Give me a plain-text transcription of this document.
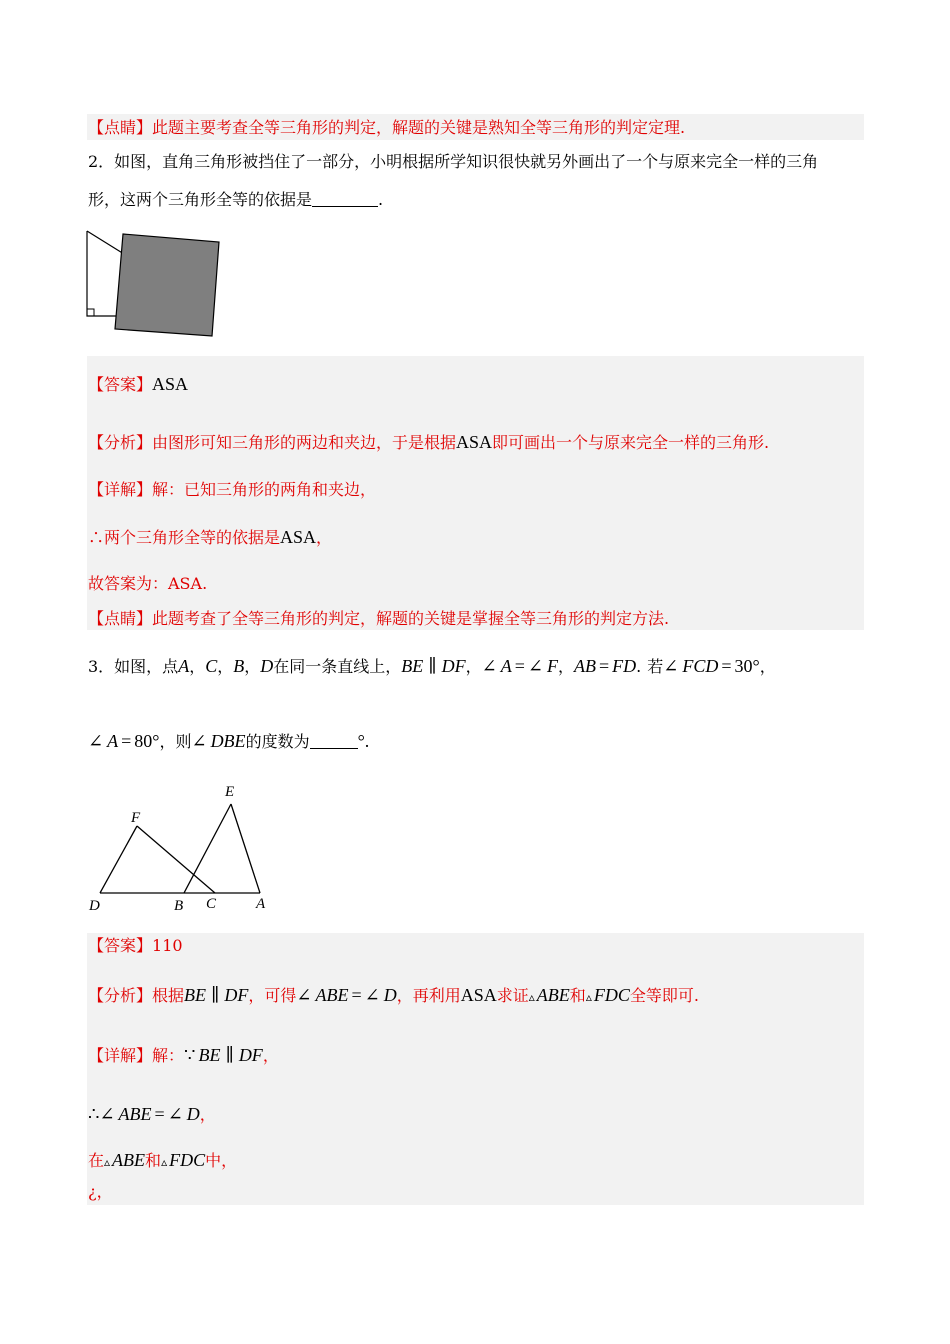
【点睛】此题主要考查全等三角形的判定，解题的关键是熟知全等三角形的判定定理.
2．如图，直角三角形被挡住了一部分，小明根据所学知识很快就另外画出了一个与原来完全一样的三角
形，这两个三角形全等的依据是	.
【答案】ASA
【分析】由图形可知三角形的两边和夹边，于是根据ASA即可画出一个与原来完全一样的三角形.
【详解】解：已知三角形的两角和夹边，
∴两个三角形全等的依据是ASA，
故答案为：ASA.
【点睛】此题考查了全等三角形的判定，解题的关键是掌握全等三角形的判定方法.
3．如图，点A，C，B，D在同一条直线上，BE ∥ DF，∠ A = ∠ F，AB = FD. 若∠ FCD = 30°，
∠ A = 80°，则∠ DBE的度数为	°.
E
F
D	B C	A
【答案】110
【分析】根据BE ∥ DF，可得∠ ABE = ∠ D，再利用ASA求证▵ ABE和▵ FDC全等即可.
【详解】解：∵ BE ∥ DF，
∴∠ ABE = ∠ D，
在▵ ABE和▵ FDC中，
¿，
